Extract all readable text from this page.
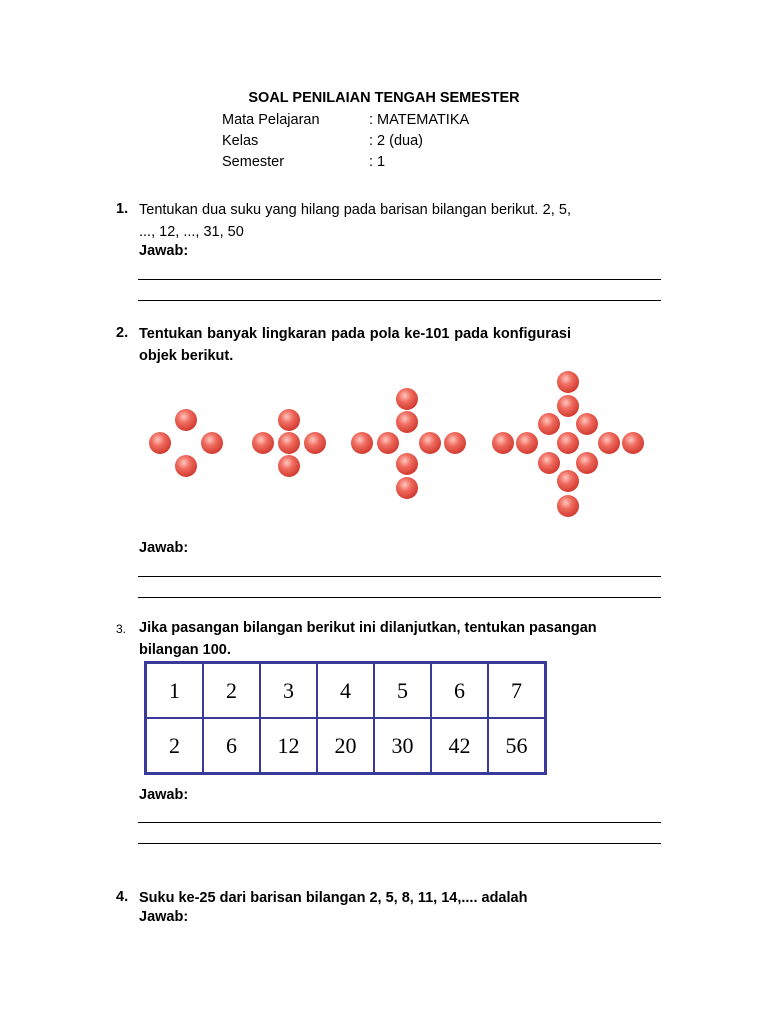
SOAL PENILAIAN TENGAH SEMESTER
Mata Pelajaran	: MATEMATIKA
Kelas	: 2 (dua)
Semester	: 1
1. Tentukan dua suku yang hilang pada barisan bilangan berikut. 2, 5, ..., 12, ..., 31, 50
Jawab:
2. Tentukan banyak lingkaran pada pola ke-101 pada konfigurasi objek berikut.
Jawab:
3. Jika pasangan bilangan berikut ini dilanjutkan, tentukan pasangan bilangan 100.
1	2	3	4	5	6	7
2	6	12	20	30	42	56
Jawab:
4. Suku ke-25 dari barisan bilangan 2, 5, 8, 11, 14,.... adalah
Jawab:
